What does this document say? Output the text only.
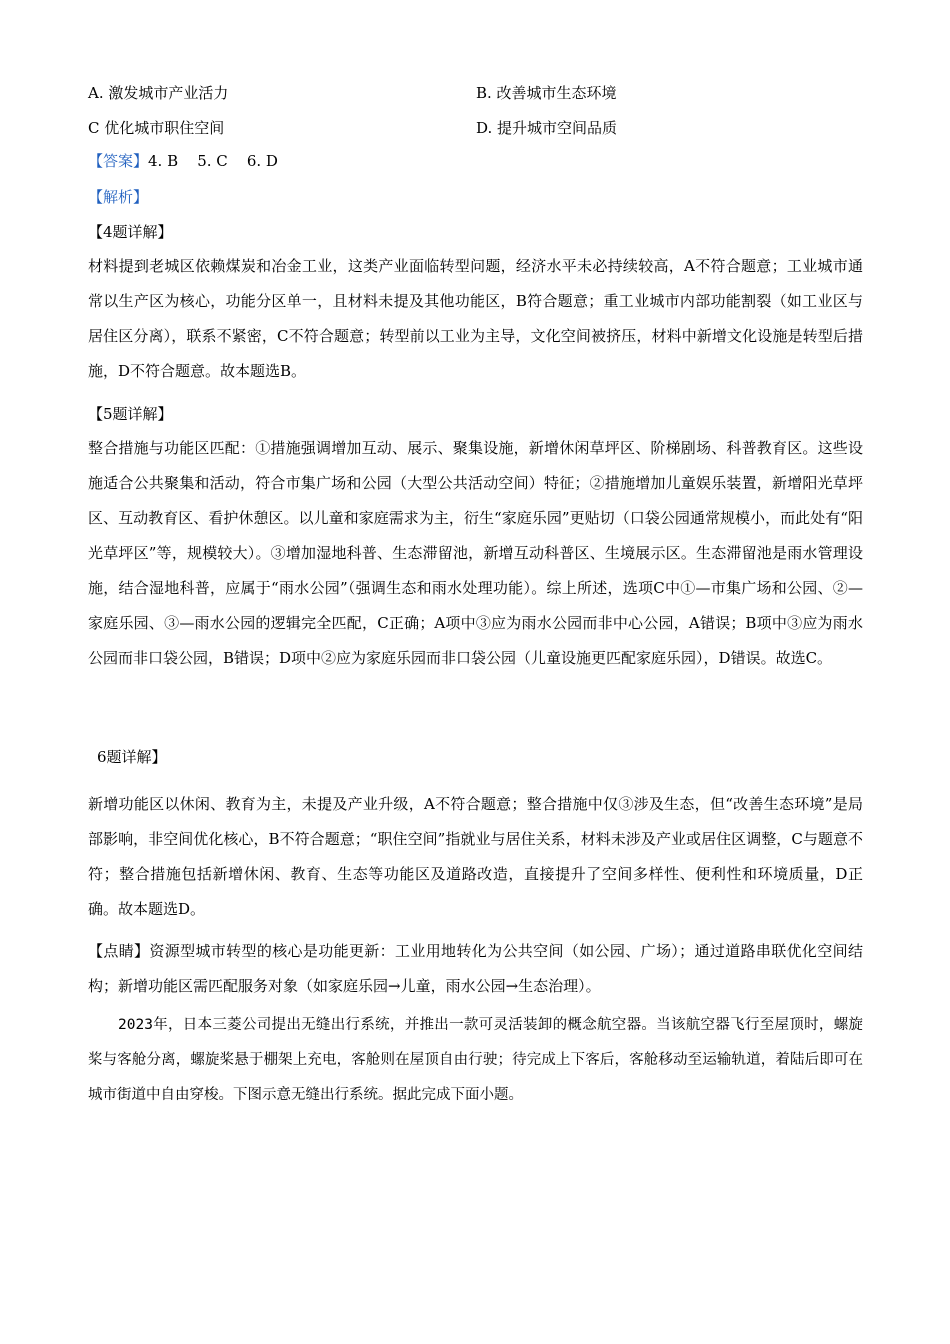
A. 激发城市产业活力	B. 改善城市生态环境
C 优化城市职住空间	D. 提升城市空间品质
【答案】4. B    5. C    6. D
【解析】
【4题详解】
材料提到老城区依赖煤炭和冶金工业，这类产业面临转型问题，经济水平未必持续较高，A不符合题意；工业城市通常以生产区为核心，功能分区单一，且材料未提及其他功能区，B符合题意；重工业城市内部功能割裂（如工业区与居住区分离），联系不紧密，C不符合题意；转型前以工业为主导，文化空间被挤压，材料中新增文化设施是转型后措施，D不符合题意。故本题选B。
【5题详解】
整合措施与功能区匹配：①措施强调增加互动、展示、聚集设施，新增休闲草坪区、阶梯剧场、科普教育区。这些设施适合公共聚集和活动，符合市集广场和公园（大型公共活动空间）特征；②措施增加儿童娱乐装置，新增阳光草坪区、互动教育区、看护休憩区。以儿童和家庭需求为主，衍生“家庭乐园”更贴切（口袋公园通常规模小，而此处有“阳光草坪区”等，规模较大）。③增加湿地科普、生态滞留池，新增互动科普区、生境展示区。生态滞留池是雨水管理设施，结合湿地科普，应属于“雨水公园”（强调生态和雨水处理功能）。综上所述，选项C中①—市集广场和公园、②—家庭乐园、③—雨水公园的逻辑完全匹配，C正确；A项中③应为雨水公园而非中心公园，A错误；B项中③应为雨水公园而非口袋公园，B错误；D项中②应为家庭乐园而非口袋公园（儿童设施更匹配家庭乐园），D错误。故选C。
6题详解】
新增功能区以休闲、教育为主，未提及产业升级，A不符合题意；整合措施中仅③涉及生态，但“改善生态环境”是局部影响，非空间优化核心，B不符合题意；“职住空间”指就业与居住关系，材料未涉及产业或居住区调整，C与题意不符；整合措施包括新增休闲、教育、生态等功能区及道路改造，直接提升了空间多样性、便利性和环境质量，D正确。故本题选D。
【点睛】资源型城市转型的核心是功能更新：工业用地转化为公共空间（如公园、广场）；通过道路串联优化空间结构；新增功能区需匹配服务对象（如家庭乐园→儿童，雨水公园→生态治理）。
2023年，日本三菱公司提出无缝出行系统，并推出一款可灵活装卸的概念航空器。当该航空器飞行至屋顶时，螺旋桨与客舱分离，螺旋桨悬于棚架上充电，客舱则在屋顶自由行驶；待完成上下客后，客舱移动至运输轨道，着陆后即可在城市街道中自由穿梭。下图示意无缝出行系统。据此完成下面小题。
